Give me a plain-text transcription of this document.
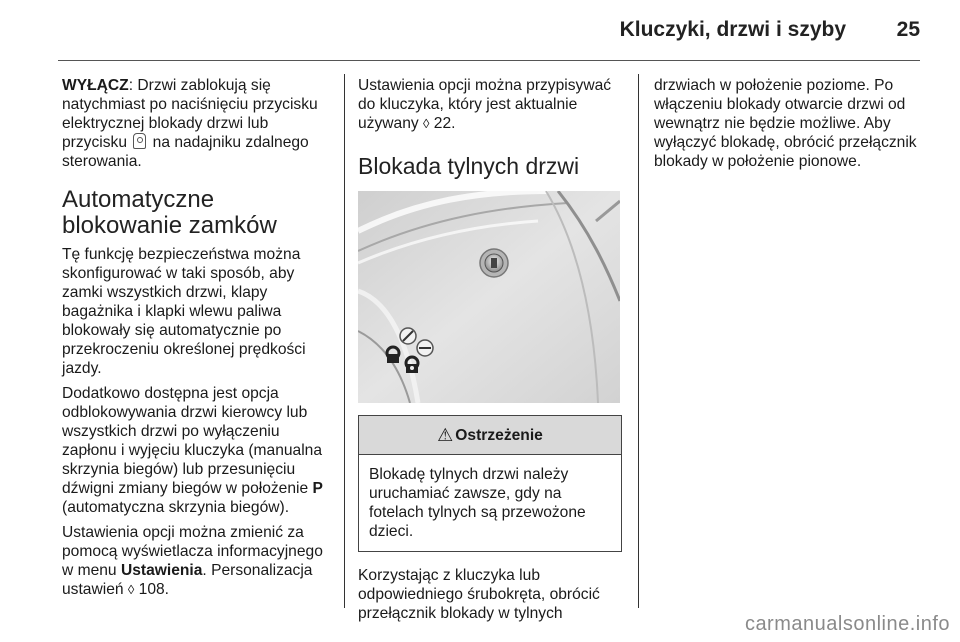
Kluczyki, drzwi i szyby 25

WYŁĄCZ: Drzwi zablokują się natychmiast po naciśnięciu przycisku elektrycznej blokady drzwi lub przycisku  na nadajniku zdalnego sterowania.

Automatyczne blokowanie zamków

Tę funkcję bezpieczeństwa można skonfigurować w taki sposób, aby zamki wszystkich drzwi, klapy bagażnika i klapki wlewu paliwa blokowały się automatycznie po przekroczeniu określonej prędkości jazdy.

Dodatkowo dostępna jest opcja odblokowywania drzwi kierowcy lub wszystkich drzwi po wyłączeniu zapłonu i wyjęciu kluczyka (manualna skrzynia biegów) lub przesunięciu dźwigni zmiany biegów w położenie P (automatyczna skrzynia biegów).

Ustawienia opcji można zmienić za pomocą wyświetlacza informacyjnego w menu Ustawienia. Personalizacja ustawień ◊ 108.

Ustawienia opcji można przypisywać do kluczyka, który jest aktualnie używany ◊ 22.

Blokada tylnych drzwi
⚠ Ostrzeżenie
Blokadę tylnych drzwi należy uruchamiać zawsze, gdy na fotelach tylnych są przewożone dzieci.

Korzystając z kluczyka lub odpowiedniego śrubokręta, obrócić przełącznik blokady w tylnych

drzwiach w położenie poziome. Po włączeniu blokady otwarcie drzwi od wewnątrz nie będzie możliwe. Aby wyłączyć blokadę, obrócić przełącznik blokady w położenie pionowe.

carmanualsonline.info
